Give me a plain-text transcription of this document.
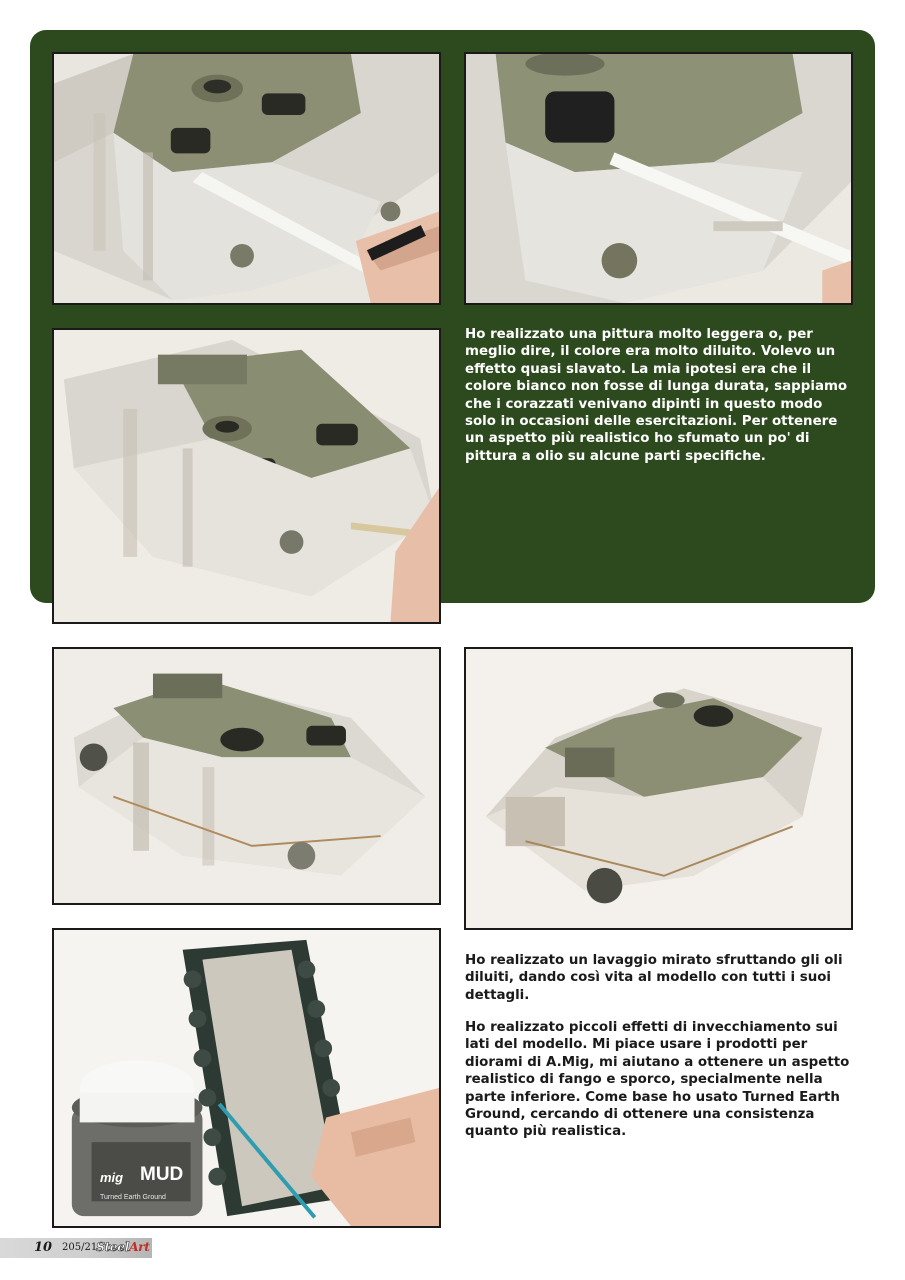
Ho realizzato una pittura molto leggera o, per meglio dire, il colore era molto diluito. Volevo un effetto quasi slavato. La mia ipotesi era che il colore bianco non fosse di lunga durata, sappiamo che i corazzati venivano dipinti in questo modo solo in occasioni delle esercitazioni. Per ottenere un aspetto più realistico ho sfumato un po' di pittura a olio su alcune parti specifiche.

mig MUD
Turned Earth Ground

Ho realizzato un lavaggio mirato sfruttando gli oli diluiti, dando così vita al modello con tutti i suoi dettagli.

Ho realizzato piccoli effetti di invecchiamento sui lati del modello. Mi piace usare i prodotti per diorami di A.Mig, mi aiutano a ottenere un aspetto realistico di fango e sporco, specialmente nella parte inferiore. Come base ho usato Turned Earth Ground, cercando di ottenere una consistenza quanto più realistica.

10 205/21
SteelArt
